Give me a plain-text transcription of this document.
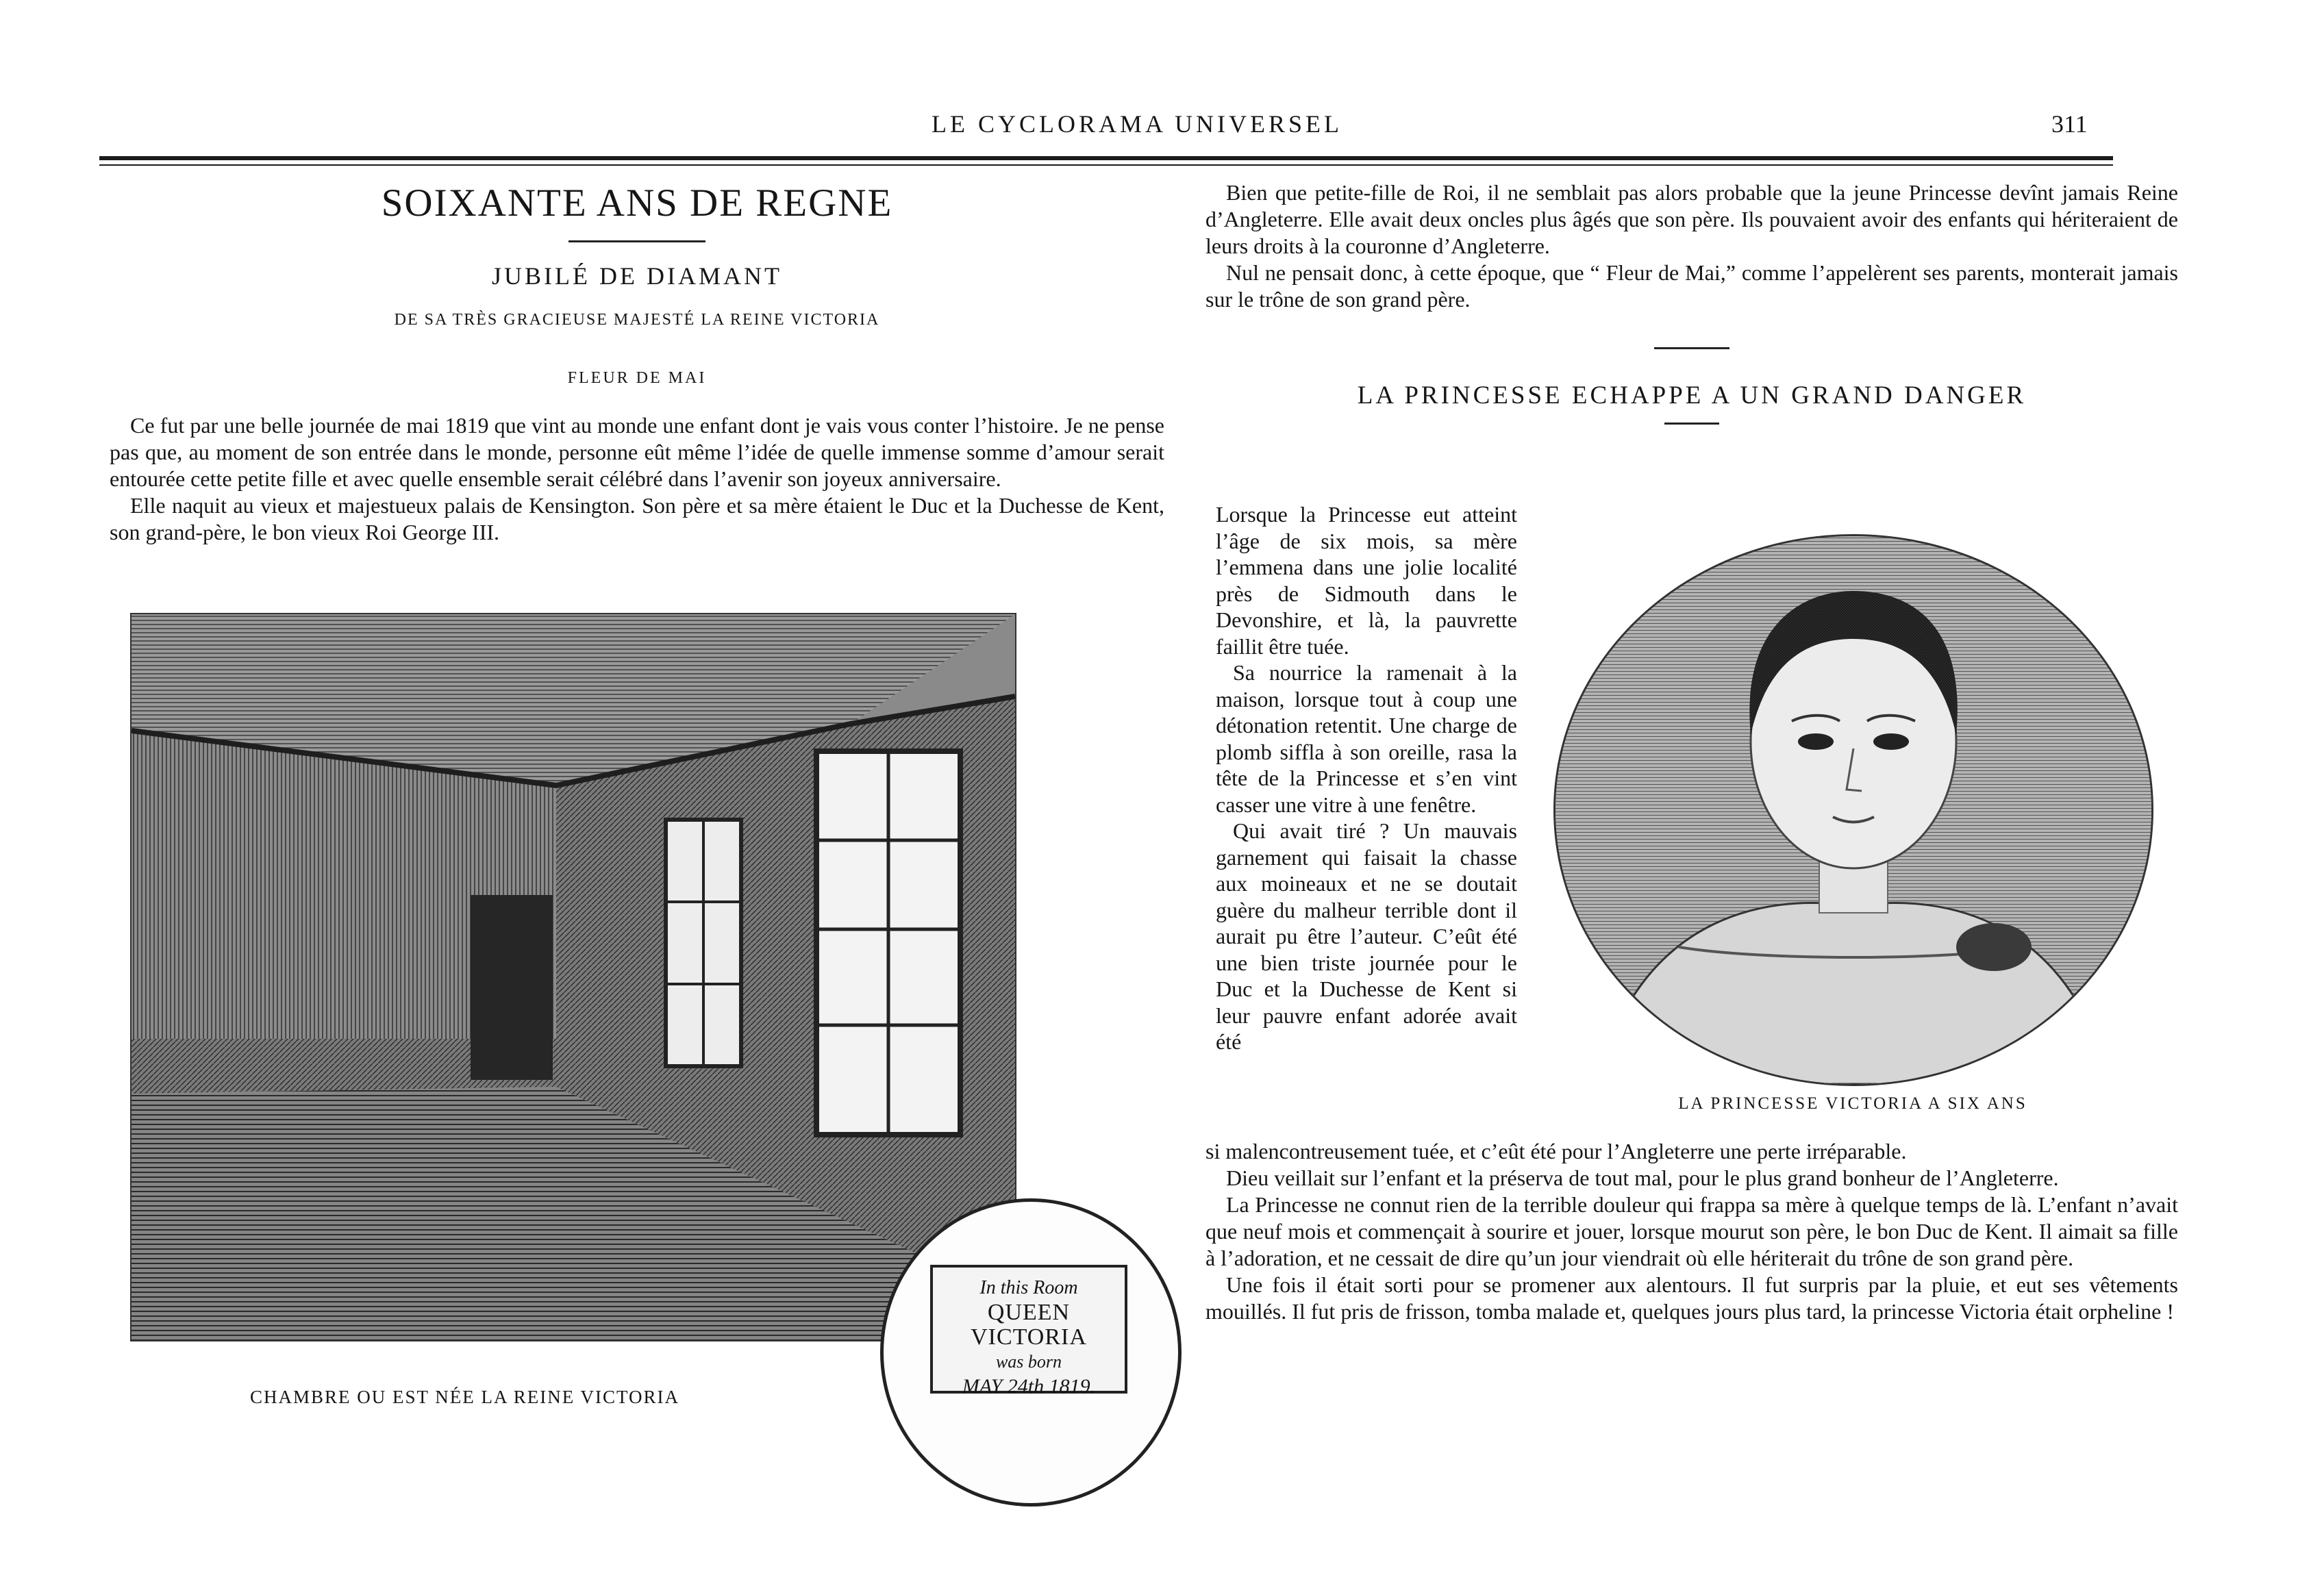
LE CYCLORAMA UNIVERSEL	311
SOIXANTE ANS DE REGNE
JUBILÉ DE DIAMANT
DE SA TRÈS GRACIEUSE MAJESTÉ LA REINE VICTORIA
FLEUR DE MAI

Ce fut par une belle journée de mai 1819 que vint au monde une enfant dont je vais vous conter l’histoire. Je ne pense pas que, au moment de son entrée dans le monde, personne eût même l’idée de quelle immense somme d’amour serait entourée cette petite fille et avec quelle ensemble serait célébré dans l’avenir son joyeux anniversaire.

Elle naquit au vieux et majestueux palais de Kensington. Son père et sa mère étaient le Duc et la Duchesse de Kent, son grand-père, le bon vieux Roi George III.

CHAMBRE OU EST NÉE LA REINE VICTORIA
In this Room
QUEEN VICTORIA
was born
MAY 24th 1819.

Bien que petite-fille de Roi, il ne semblait pas alors probable que la jeune Princesse devînt jamais Reine d’Angleterre. Elle avait deux oncles plus âgés que son père. Ils pouvaient avoir des enfants qui hériteraient de leurs droits à la couronne d’Angleterre.

Nul ne pensait donc, à cette époque, que “ Fleur de Mai,” comme l’appelèrent ses parents, monterait jamais sur le trône de son grand père.

LA PRINCESSE ECHAPPE A UN GRAND DANGER

Lorsque la Princesse eut atteint l’âge de six mois, sa mère l’emmena dans une jolie localité près de Sidmouth dans le Devonshire, et là, la pauvrette faillit être tuée.

Sa nourrice la ramenait à la maison, lorsque tout à coup une détonation retentit. Une charge de plomb siffla à son oreille, rasa la tête de la Princesse et s’en vint casser une vitre à une fenêtre.

Qui avait tiré ? Un mauvais garnement qui faisait la chasse aux moineaux et ne se doutait guère du malheur terrible dont il aurait pu être l’auteur. C’eût été une bien triste journée pour le Duc et la Duchesse de Kent si leur pauvre enfant adorée avait été

LA PRINCESSE VICTORIA A SIX ANS

si malencontreusement tuée, et c’eût été pour l’Angleterre une perte irréparable.

Dieu veillait sur l’enfant et la préserva de tout mal, pour le plus grand bonheur de l’Angleterre.

La Princesse ne connut rien de la terrible douleur qui frappa sa mère à quelque temps de là. L’enfant n’avait que neuf mois et commençait à sourire et jouer, lorsque mourut son père, le bon Duc de Kent. Il aimait sa fille à l’adoration, et ne cessait de dire qu’un jour viendrait où elle hériterait du trône de son grand père.

Une fois il était sorti pour se promener aux alentours. Il fut surpris par la pluie, et eut ses vêtements mouillés. Il fut pris de frisson, tomba malade et, quelques jours plus tard, la princesse Victoria était orpheline !
